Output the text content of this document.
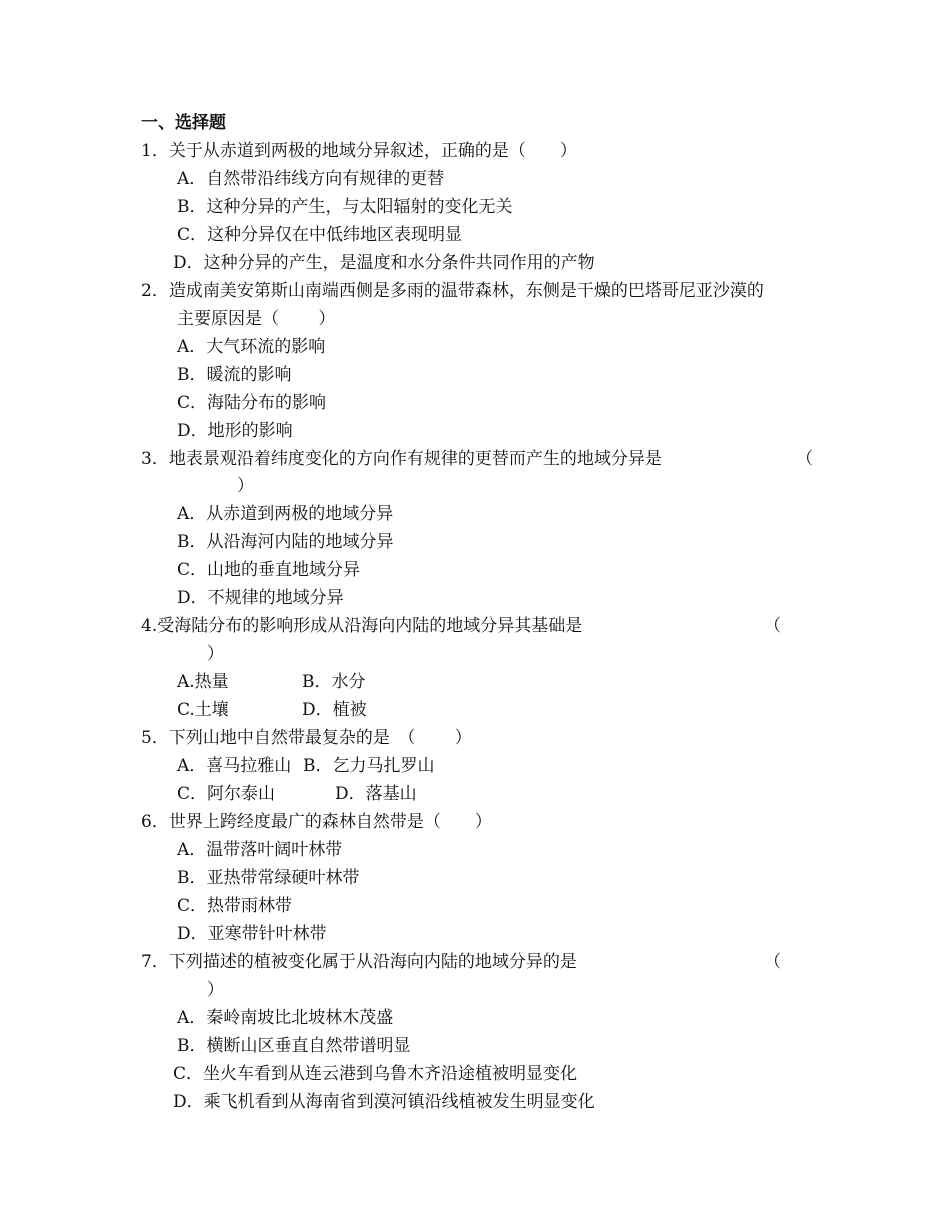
一、选择题
1．关于从赤道到两极的地域分异叙述，正确的是（　　）
A．自然带沿纬线方向有规律的更替
B．这种分异的产生，与太阳辐射的变化无关
C．这种分异仅在中低纬地区表现明显
D．这种分异的产生，是温度和水分条件共同作用的产物
2．造成南美安第斯山南端西侧是多雨的温带森林，东侧是干燥的巴塔哥尼亚沙漠的
主要原因是（　　 ）
A．大气环流的影响
B．暖流的影响
C．海陆分布的影响
D．地形的影响
3．地表景观沿着纬度变化的方向作有规律的更替而产生的地域分异是	（
）
A．从赤道到两极的地域分异
B．从沿海河内陆的地域分异
C．山地的垂直地域分异
D．不规律的地域分异
4.受海陆分布的影响形成从沿海向内陆的地域分异其基础是	（
）
A.热量	B．水分
C.土壤	D．植被
5．下列山地中自然带最复杂的是　（　　 ）
A．喜马拉雅山 B．乞力马扎罗山
C．阿尔泰山	D．落基山
6．世界上跨经度最广的森林自然带是（　　）
A．温带落叶阔叶林带
B．亚热带常绿硬叶林带
C．热带雨林带
D．亚寒带针叶林带
7．下列描述的植被变化属于从沿海向内陆的地域分异的是	（
）
A．秦岭南坡比北坡林木茂盛
B．横断山区垂直自然带谱明显
C．坐火车看到从连云港到乌鲁木齐沿途植被明显变化
D．乘飞机看到从海南省到漠河镇沿线植被发生明显变化
